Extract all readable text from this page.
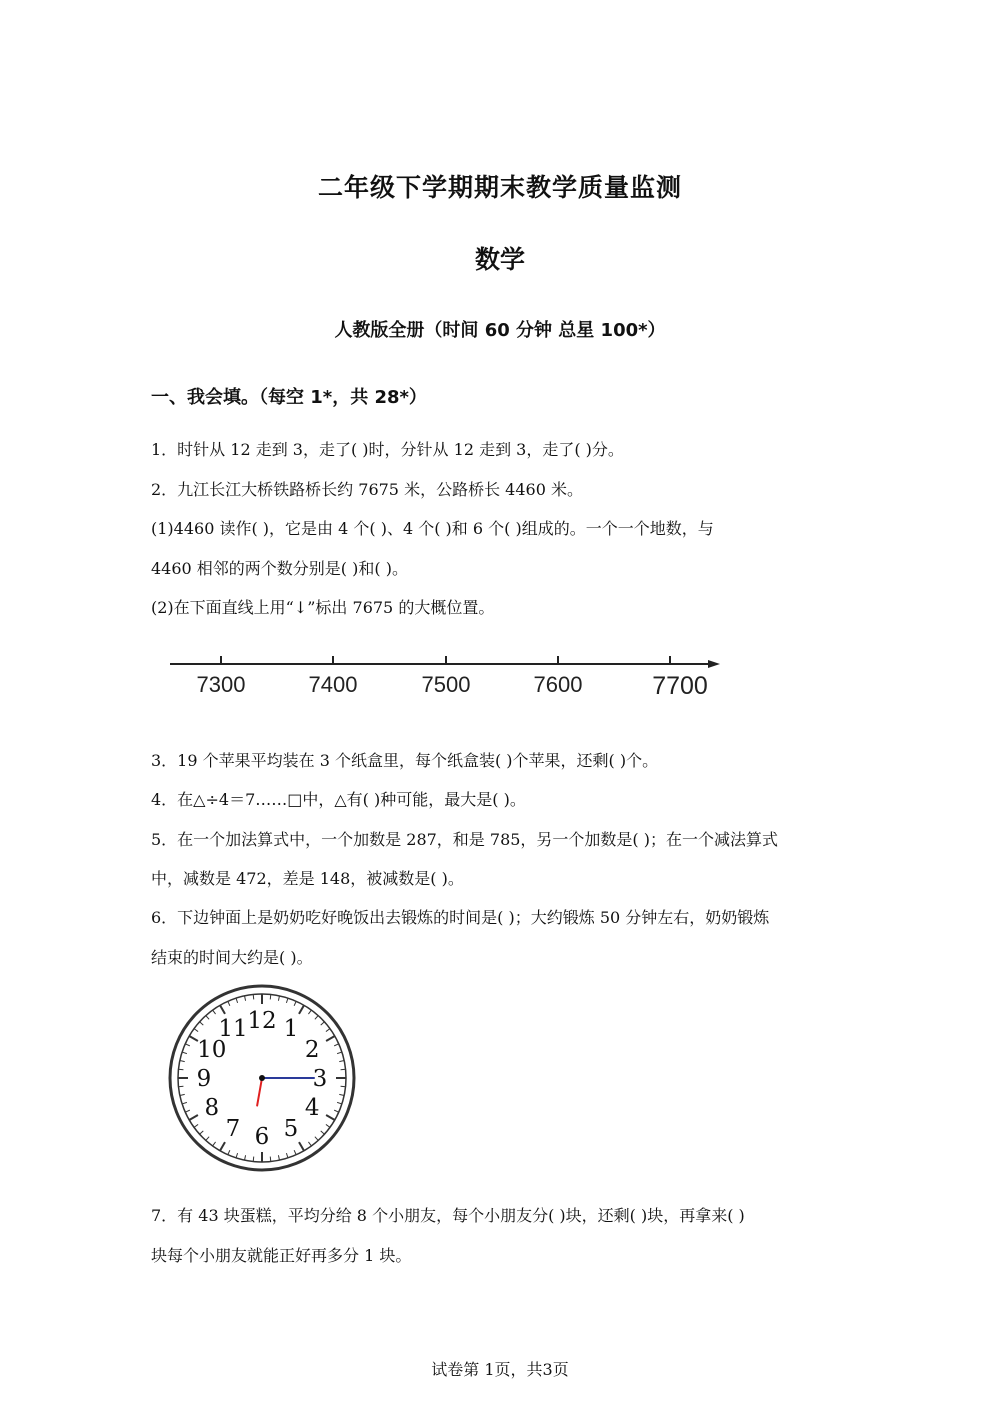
二年级下学期期末教学质量监测
数学
人教版全册（时间 60 分钟 总星 100*）
一、我会填。（每空 1*，共 28*）
1．时针从 12 走到 3，走了( )时，分针从 12 走到 3，走了( )分。
2．九江长江大桥铁路桥长约 7675 米，公路桥长 4460 米。
(1)4460 读作( )，它是由 4 个( )、4 个( )和 6 个( )组成的。一个一个地数，与
4460 相邻的两个数分别是( )和( )。
(2)在下面直线上用“↓”标出 7675 的大概位置。
7300	7400	7500	7600	7700
3．19 个苹果平均装在 3 个纸盒里，每个纸盒装( )个苹果，还剩( )个。
4．在△÷4＝7……□中，△有( )种可能，最大是( )。
5．在一个加法算式中，一个加数是 287，和是 785，另一个加数是( )；在一个减法算式
中，减数是 472，差是 148，被减数是( )。
6．下边钟面上是奶奶吃好晚饭出去锻炼的时间是( )；大约锻炼 50 分钟左右，奶奶锻炼
结束的时间大约是( )。
12 1
2
3
4
5
6
7
8
9
10
11
7．有 43 块蛋糕，平均分给 8 个小朋友，每个小朋友分( )块，还剩( )块，再拿来( )
块每个小朋友就能正好再多分 1 块。
试卷第 1页，共3页
